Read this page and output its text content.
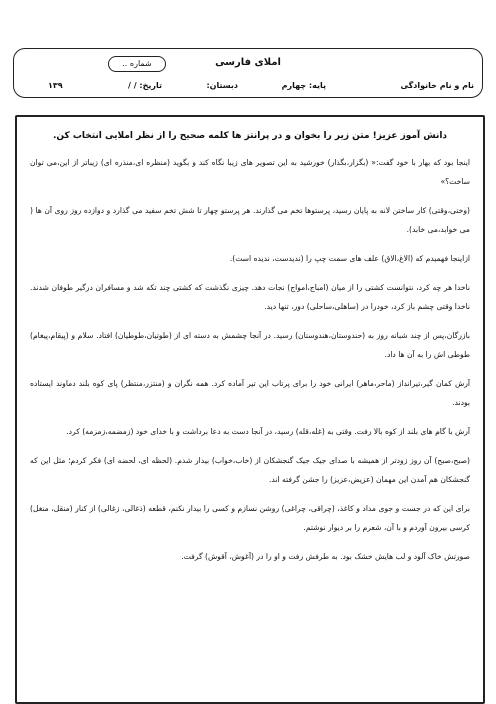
شماره ..	املای فارسی
نام و نام خانوادگی
پایه: چهارم
دبستان:
تاریخ: / /
۱۳۹
دانش آموز عزیز! متن زیر را بخوان و در پرانتز ها کلمه صحیح را از نظر املایی انتخاب کن.

اینجا بود که بهار با خود گفت:« (بگزار،بگذار) خورشید به این تصویر های زیبا نگاه کند و بگوید (منظره ای،منذره ای) زیباتر از این،می توان ساخت؟»

(وختی،وقتی) کار ساختن لانه به پایان رسید، پرستوها تخم می گذارند. هر پرستو چهار تا شش تخم سفید می گذارد و دوازده روز روی آن ها ( می خوابد،می خابد).

ازاینجا فهمیدم که (الاغ،الاق) علف های سمت چپ را (ندیدست، ندیده است).

ناخدا هر چه کرد، نتوانست کشتی را از میان (امباج،امواج) نجات دهد. چیزی نگذشت که کشتی چند تکه شد و مسافران درگیر طوفان شدند. ناخدا وقتی چشم باز کرد، خودرا در (ساهلی،ساحلی) دور، تنها دید.

بازرگان،پس از چند شبانه روز به (حندوستان،هندوستان) رسید. در آنجا چشمش به دسته ای از (طوتیان،طوطیان) افتاد. سلام و (پیقام،پیغام) طوطی اش را به آن ها داد.

آرش کمان گیر،تیرانداز (ماحر،ماهر) ایرانی خود را برای پرتاب این تیر آماده کرد. همه نگران و (منتزر،منتظر) پای کوه بلند دماوند ایستاده بودند.

آرش با گام های بلند از کوه بالا رفت. وقتی به (غله،قله) رسید، در آنجا دست به دعا برداشت و با خدای خود (زمضمه،زمزمه) کرد.

(صبح،صبح) آن روز زودتر از همیشه با صدای جیک جیک گنجشکان از (خاب،خواب) بیدار شدم. (لحظه ای، لحضه ای) فکر کردم؛ مثل این که گنجشکان هم آمدن این مهمان (عزیض،عزیز) را جشن گرفته اند.

برای این که در جست و جوی مداد و کاغذ، (چراقی، چراغی) روشن نسازم و کسی را بیدار نکنم، قطعه (ذغالی، زغالی) از کنار (منقل، منغل) کرسی بیرون آوردم و با آن، شعرم را بر دیوار نوشتم.

صورتش خاک آلود و لب هایش خشک بود. به طرفش رفت و او را در (آغوش، آقوش) گرفت.
